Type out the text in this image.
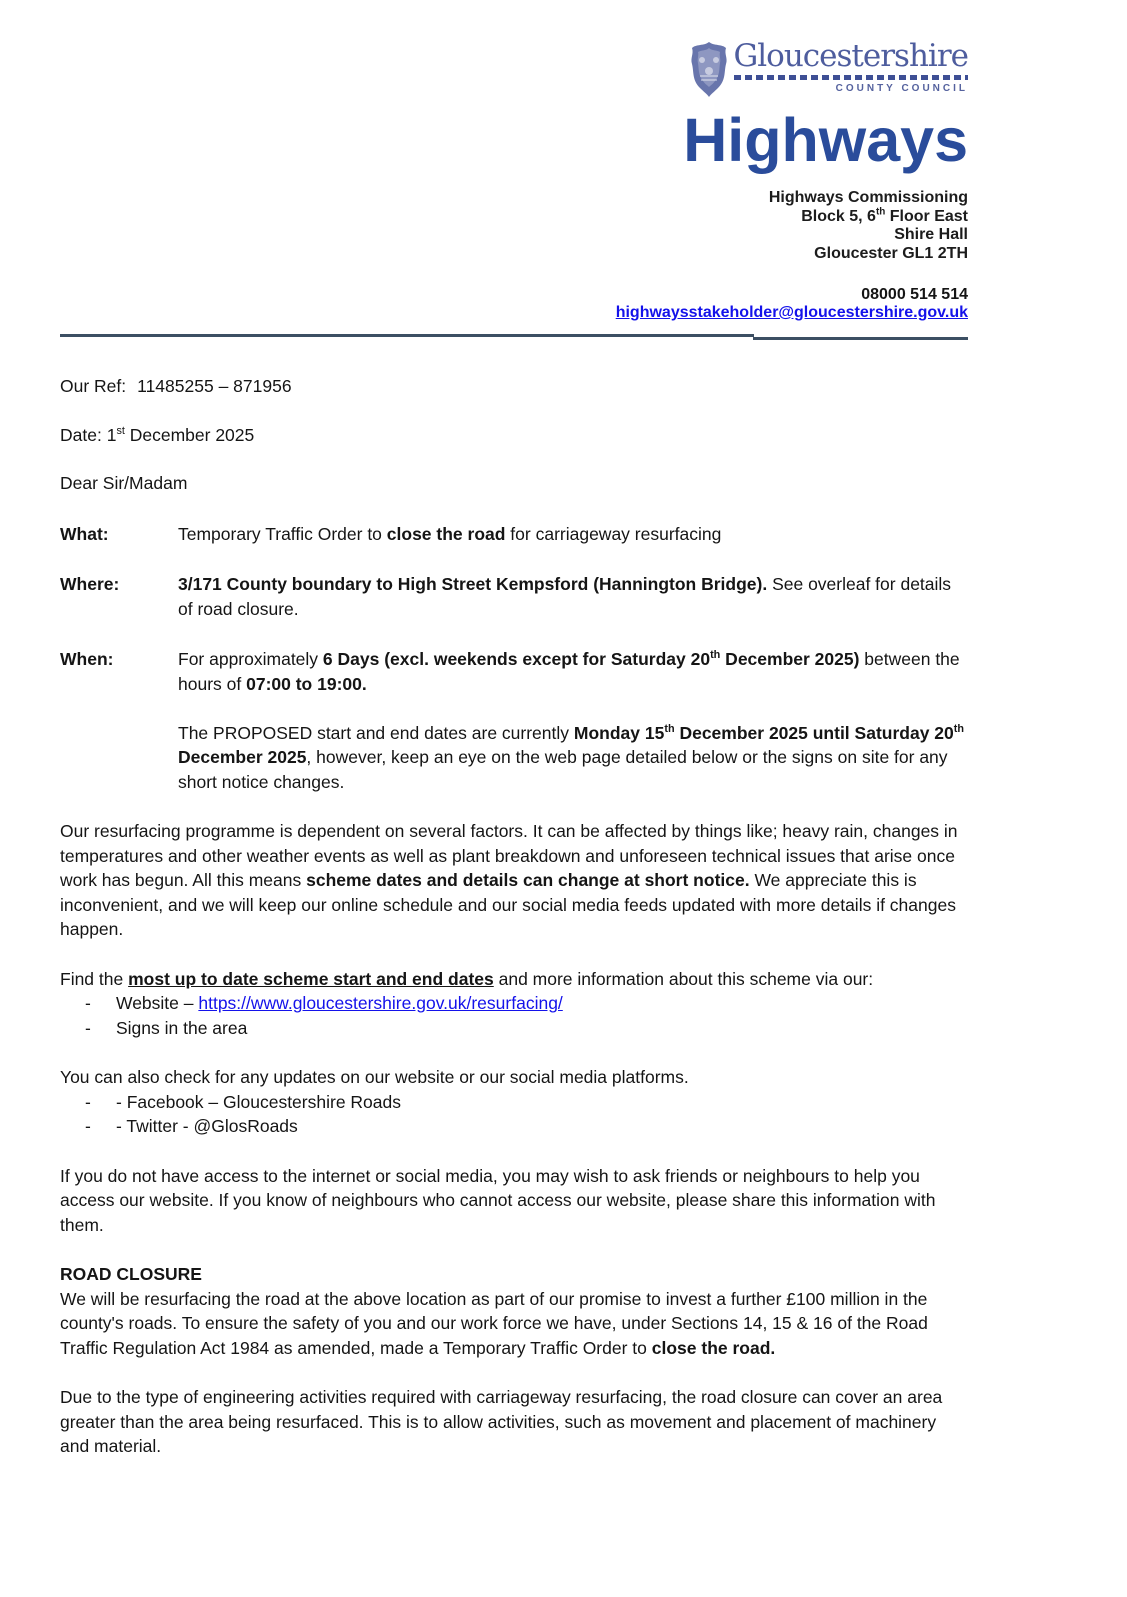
Gloucestershire
COUNTY COUNCIL
Highways
Highways Commissioning
Block 5, 6th Floor East
Shire Hall
Gloucester GL1 2TH
08000 514 514
highwaysstakeholder@gloucestershire.gov.uk

Our Ref: 11485255 – 871956

Date: 1st December 2025

Dear Sir/Madam

What:	Temporary Traffic Order to close the road for carriageway resurfacing
Where:	3/171 County boundary to High Street Kempsford (Hannington Bridge). See overleaf for details of road closure.
When:	For approximately 6 Days (excl. weekends except for Saturday 20th December 2025) between the hours of 07:00 to 19:00.

The PROPOSED start and end dates are currently Monday 15th December 2025 until Saturday 20th December 2025, however, keep an eye on the web page detailed below or the signs on site for any short notice changes.

Our resurfacing programme is dependent on several factors. It can be affected by things like; heavy rain, changes in temperatures and other weather events as well as plant breakdown and unforeseen technical issues that arise once work has begun. All this means scheme dates and details can change at short notice. We appreciate this is inconvenient, and we will keep our online schedule and our social media feeds updated with more details if changes happen.

Find the most up to date scheme start and end dates and more information about this scheme via our:

-	Website – https://www.gloucestershire.gov.uk/resurfacing/
-	Signs in the area

You can also check for any updates on our website or our social media platforms.

-	- Facebook – Gloucestershire Roads
-	- Twitter - @GlosRoads

If you do not have access to the internet or social media, you may wish to ask friends or neighbours to help you access our website. If you know of neighbours who cannot access our website, please share this information with them.

ROAD CLOSURE
We will be resurfacing the road at the above location as part of our promise to invest a further £100 million in the county's roads. To ensure the safety of you and our work force we have, under Sections 14, 15 & 16 of the Road Traffic Regulation Act 1984 as amended, made a Temporary Traffic Order to close the road.

Due to the type of engineering activities required with carriageway resurfacing, the road closure can cover an area greater than the area being resurfaced. This is to allow activities, such as movement and placement of machinery and material.
